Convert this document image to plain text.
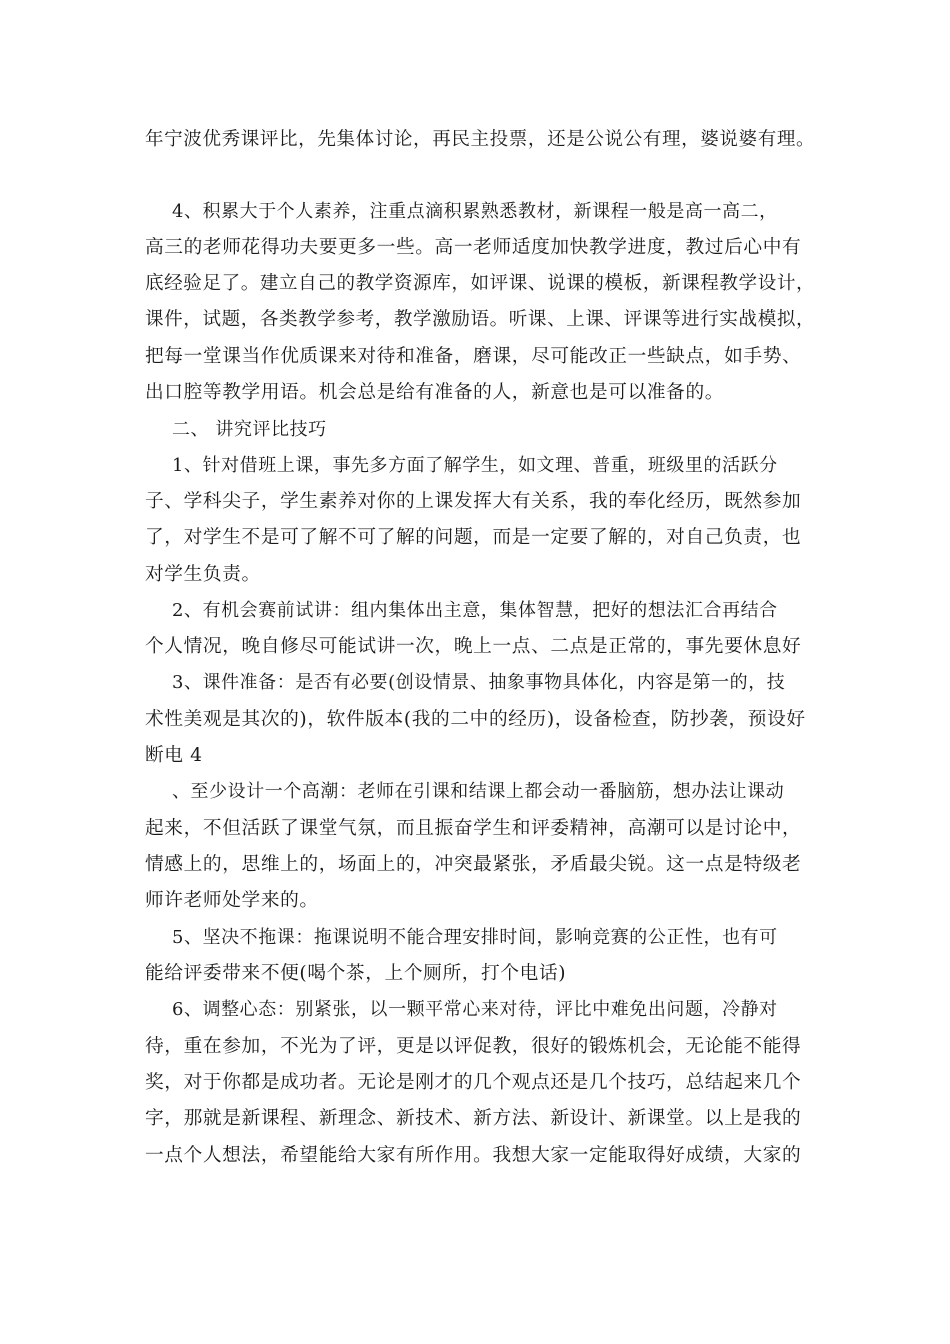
年宁波优秀课评比，先集体讨论，再民主投票，还是公说公有理，婆说婆有理。
4、积累大于个人素养，注重点滴积累熟悉教材，新课程一般是高一高二，
高三的老师花得功夫要更多一些。高一老师适度加快教学进度，教过后心中有
底经验足了。建立自己的教学资源库，如评课、说课的模板，新课程教学设计，
课件，试题，各类教学参考，教学激励语。听课、上课、评课等进行实战模拟，
把每一堂课当作优质课来对待和准备，磨课，尽可能改正一些缺点，如手势、
出口腔等教学用语。机会总是给有准备的人，新意也是可以准备的。
二、 讲究评比技巧
1、针对借班上课，事先多方面了解学生，如文理、普重，班级里的活跃分
子、学科尖子，学生素养对你的上课发挥大有关系，我的奉化经历，既然参加
了，对学生不是可了解不可了解的问题，而是一定要了解的，对自己负责，也
对学生负责。
2、有机会赛前试讲：组内集体出主意，集体智慧，把好的想法汇合再结合
个人情况，晚自修尽可能试讲一次，晚上一点、二点是正常的，事先要休息好
3、课件准备：是否有必要(创设情景、抽象事物具体化，内容是第一的，技
术性美观是其次的)，软件版本(我的二中的经历)，设备检查，防抄袭，预设好
断电 4
、至少设计一个高潮：老师在引课和结课上都会动一番脑筋，想办法让课动
起来，不但活跃了课堂气氛，而且振奋学生和评委精神，高潮可以是讨论中，
情感上的，思维上的，场面上的，冲突最紧张，矛盾最尖锐。这一点是特级老
师许老师处学来的。
5、坚决不拖课：拖课说明不能合理安排时间，影响竞赛的公正性，也有可
能给评委带来不便(喝个茶，上个厕所，打个电话)
6、调整心态：别紧张，以一颗平常心来对待，评比中难免出问题，冷静对
待，重在参加，不光为了评，更是以评促教，很好的锻炼机会，无论能不能得
奖，对于你都是成功者。无论是刚才的几个观点还是几个技巧，总结起来几个
字，那就是新课程、新理念、新技术、新方法、新设计、新课堂。以上是我的
一点个人想法，希望能给大家有所作用。我想大家一定能取得好成绩，大家的
